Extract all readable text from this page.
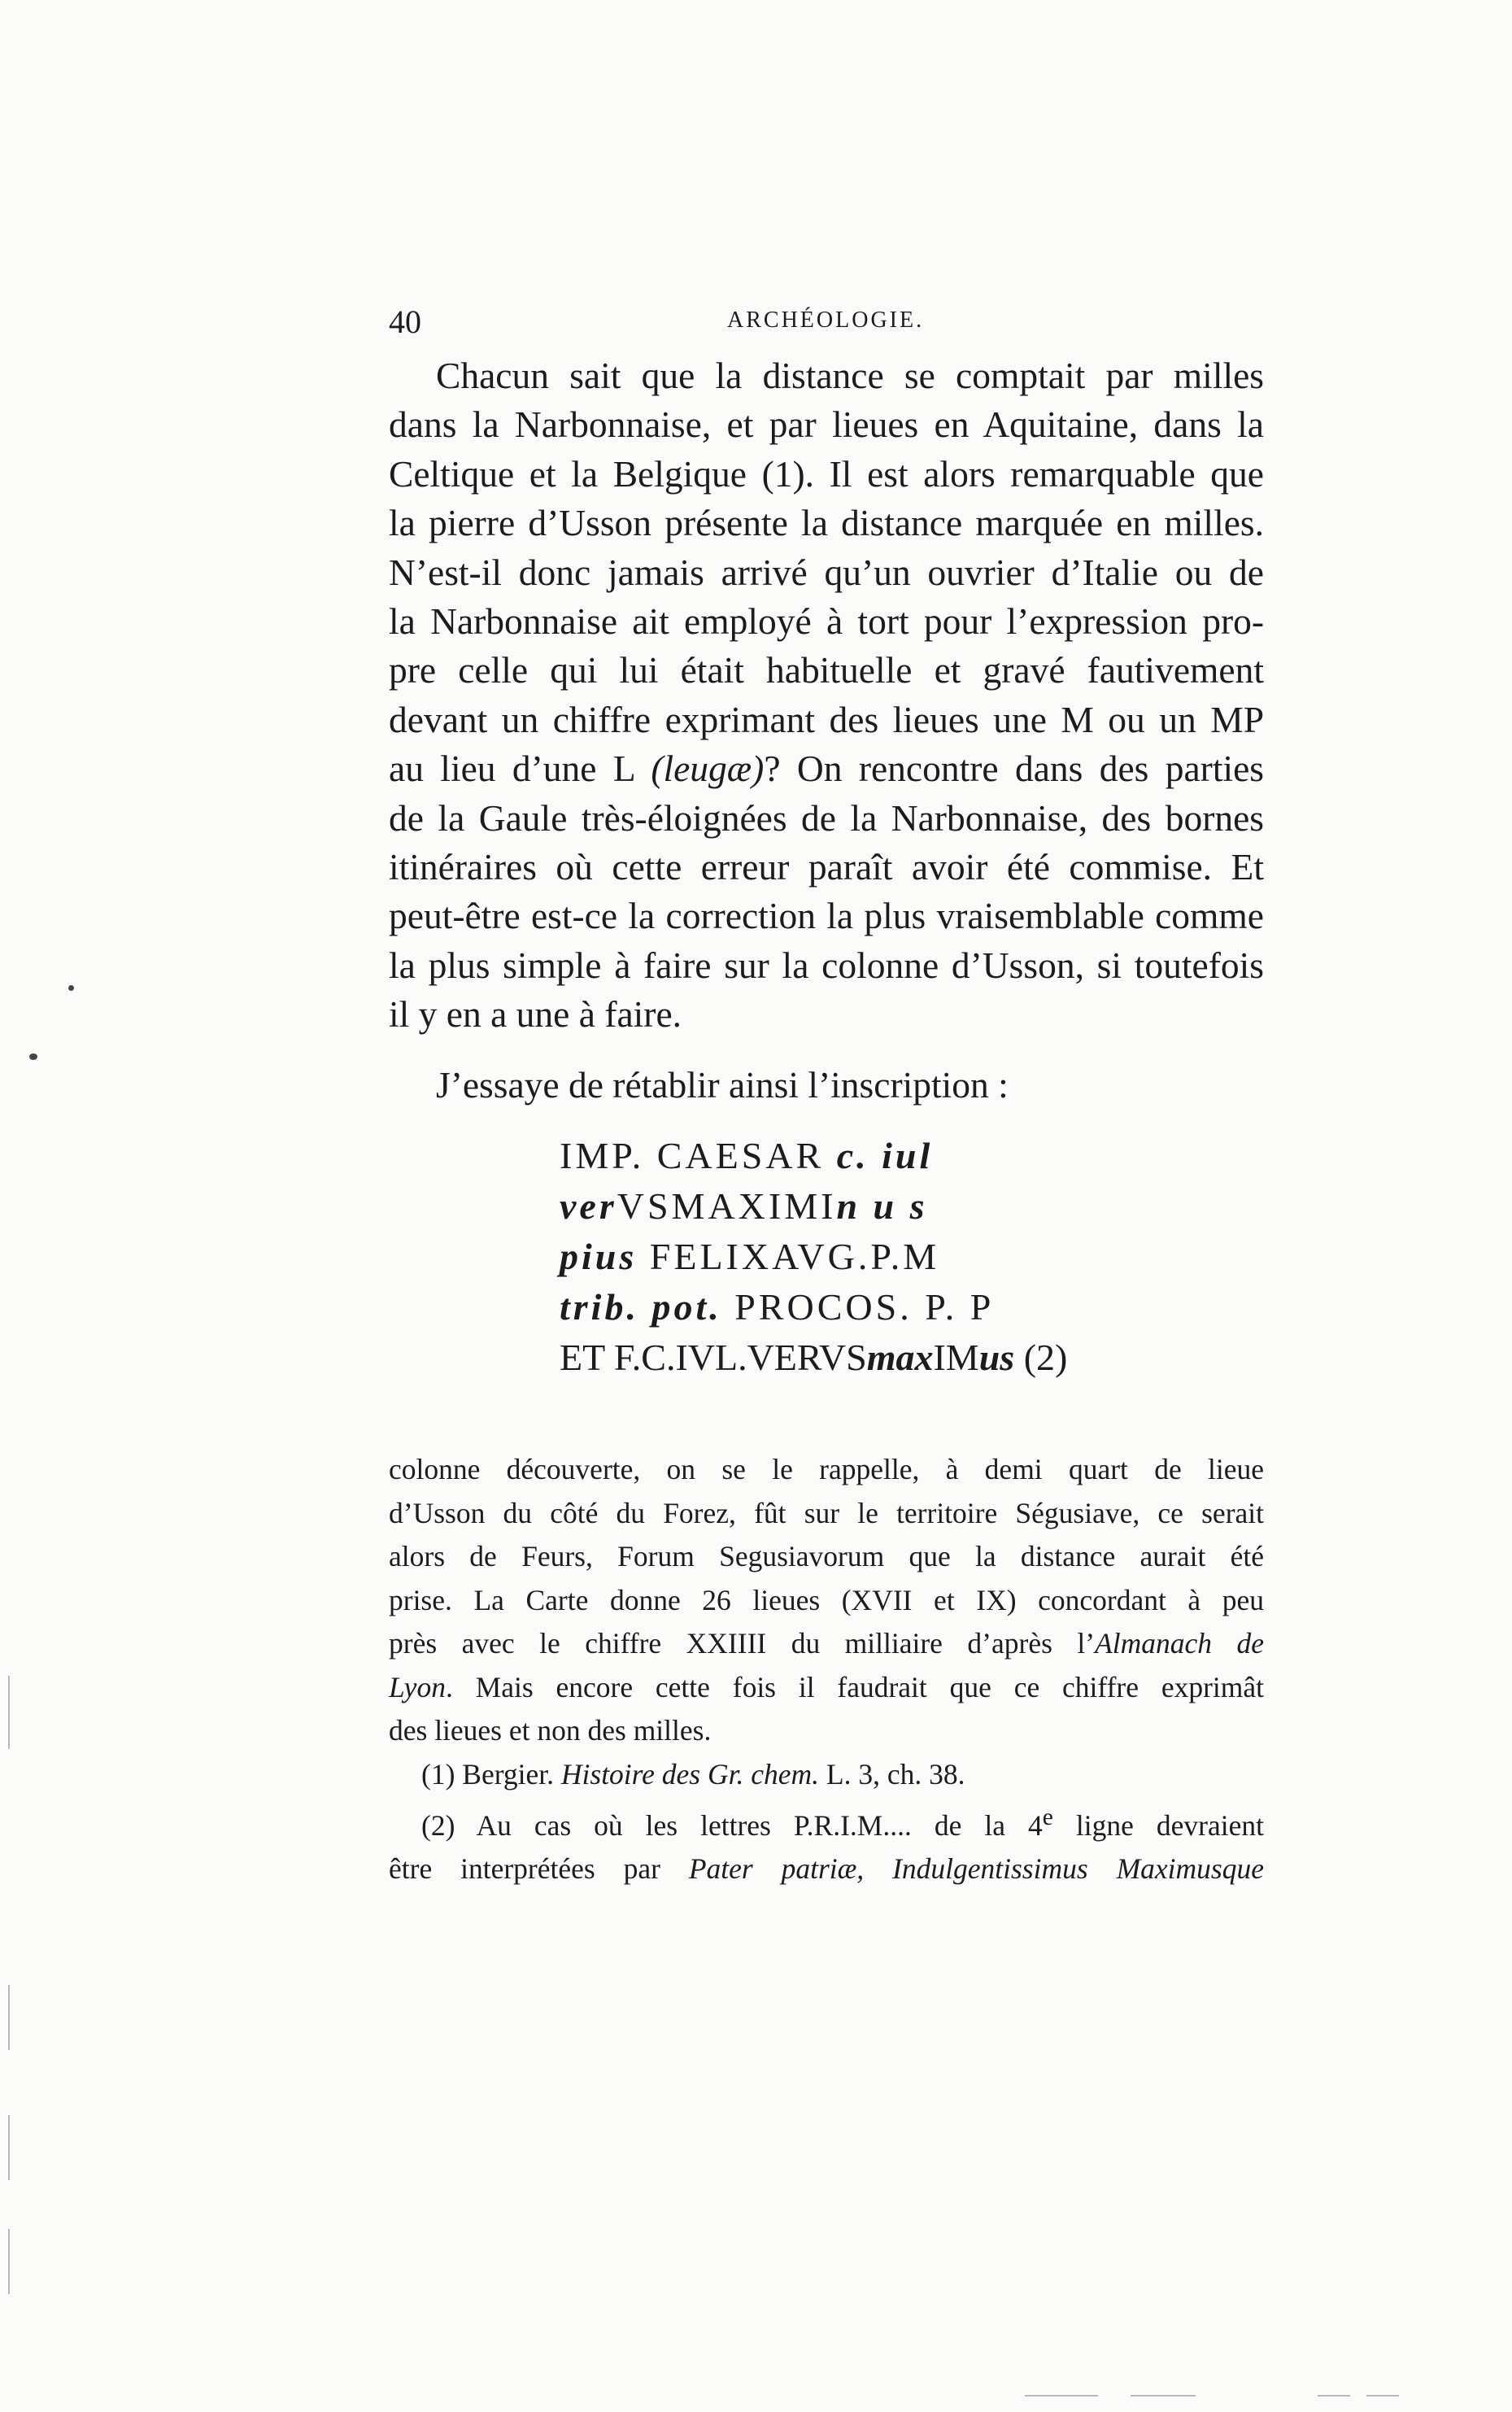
40	ARCHÉOLOGIE.
Chacun sait que la distance se comptait par milles
dans la Narbonnaise, et par lieues en Aquitaine, dans la
Celtique et la Belgique (1). Il est alors remarquable que
la pierre d’Usson présente la distance marquée en milles.
N’est-il donc jamais arrivé qu’un ouvrier d’Italie ou de
la Narbonnaise ait employé à tort pour l’expression pro-
pre celle qui lui était habituelle et gravé fautivement
devant un chiffre exprimant des lieues une M ou un MP
au lieu d’une L (leugæ)? On rencontre dans des parties
de la Gaule très-éloignées de la Narbonnaise, des bornes
itinéraires où cette erreur paraît avoir été commise. Et
peut-être est-ce la correction la plus vraisemblable comme
la plus simple à faire sur la colonne d’Usson, si toutefois
il y en a une à faire.
J’essaye de rétablir ainsi l’inscription :
IMP. CAESAR c. iul
verVSMAXIMIn u s
pius FELIXAVG.P.M
trib. pot. PROCOS. P. P
ET F.C.IVL.VERVSmaxIMus (2)
colonne découverte, on se le rappelle, à demi quart de lieue
d’Usson du côté du Forez, fût sur le territoire Ségusiave, ce serait
alors de Feurs, Forum Segusiavorum que la distance aurait été
prise. La Carte donne 26 lieues (XVII et IX) concordant à peu
près avec le chiffre XXIIII du milliaire d’après l’Almanach de
Lyon. Mais encore cette fois il faudrait que ce chiffre exprimât
des lieues et non des milles.
(1) Bergier. Histoire des Gr. chem. L. 3, ch. 38.
(2) Au cas où les lettres P.R.I.M.... de la 4e ligne devraient
être interprétées par Pater patriæ, Indulgentissimus Maximusque
